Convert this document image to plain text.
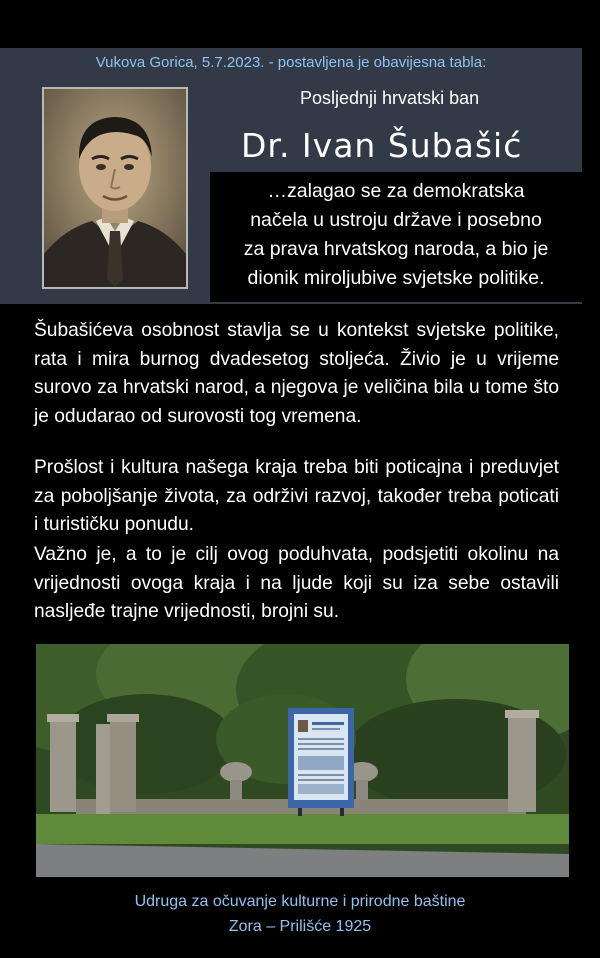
Vukova Gorica, 5.7.2023. - postavljena je obavijesna tabla:
Posljednji hrvatski ban
Dr. Ivan Šubašić
…zalagao se za demokratska
načela u ustroju države i posebno
za prava hrvatskog naroda, a bio je
dionik miroljubive svjetske politike.

Šubašićeva osobnost stavlja se u kontekst svjetske politike, rata i mira burnog dvadesetog stoljeća. Živio je u vrijeme surovo za hrvatski narod, a njegova je veličina bila u tome što je odudarao od surovosti tog vremena.

Prošlost i kultura našega kraja treba biti poticajna i preduvjet za poboljšanje života, za održivi razvoj, također treba poticati i turističku ponudu.

Važno je, a to je cilj ovog poduhvata, podsjetiti okolinu na vrijednosti ovoga kraja i na ljude koji su iza sebe ostavili nasljeđe trajne vrijednosti, brojni su.

Udruga za očuvanje kulturne i prirodne baštine
Zora – Prilišće 1925
